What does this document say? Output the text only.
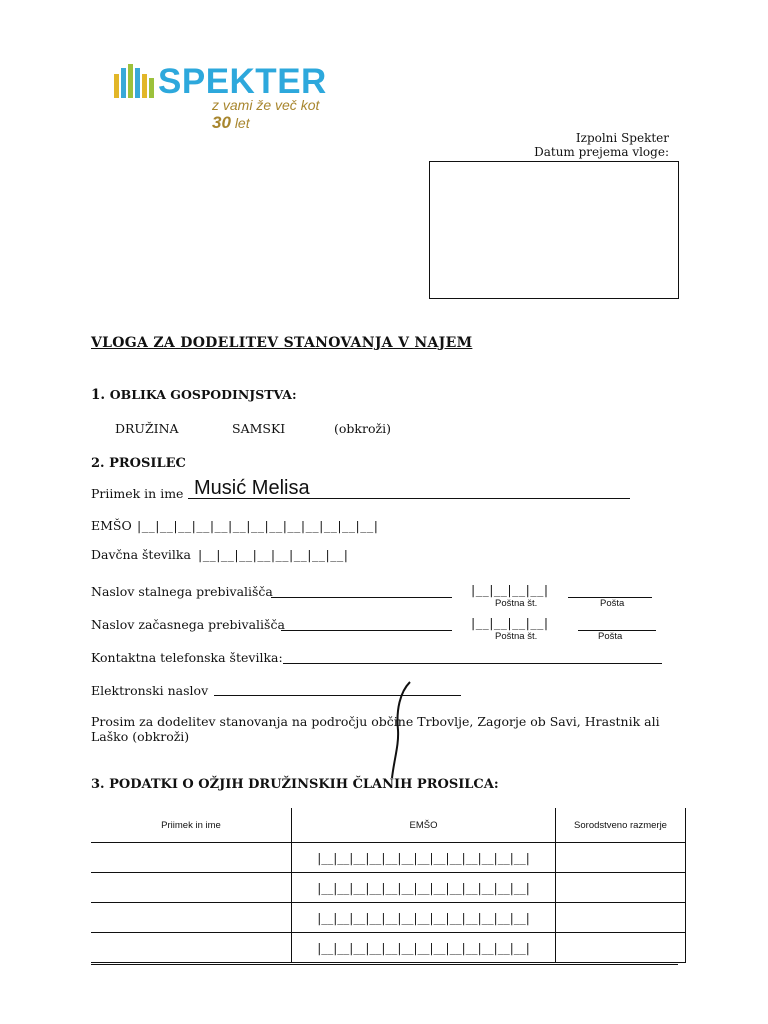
SPEKTER
z vami že več kot 30 let
Izpolni Spekter
Datum prejema vloge:
VLOGA ZA DODELITEV STANOVANJA V NAJEM
1. OBLIKA GOSPODINJSTVA:
DRUŽINA	SAMSKI	(obkroži)
2. PROSILEC
Priimek in ime Musić Melisa
EMŠO |__|__|__|__|__|__|__|__|__|__|__|__|__|
Davčna številka |__|__|__|__|__|__|__|__|
Naslov stalnega prebivališča	|__|__|__|__|
Poštna št.	Pošta
Naslov začasnega prebivališča	|__|__|__|__|
Poštna št.	Pošta
Kontaktna telefonska številka:
Elektronski naslov
Prosim za dodelitev stanovanja na področju občine Trbovlje, Zagorje ob Savi, Hrastnik ali
Laško (obkroži)
3. PODATKI O OŽJIH DRUŽINSKIH ČLANIH PROSILCA:
Priimek in ime	EMŠO	Sorodstveno razmerje
	|__|__|__|__|__|__|__|__|__|__|__|__|__|	
	|__|__|__|__|__|__|__|__|__|__|__|__|__|	
	|__|__|__|__|__|__|__|__|__|__|__|__|__|	
	|__|__|__|__|__|__|__|__|__|__|__|__|__|	
